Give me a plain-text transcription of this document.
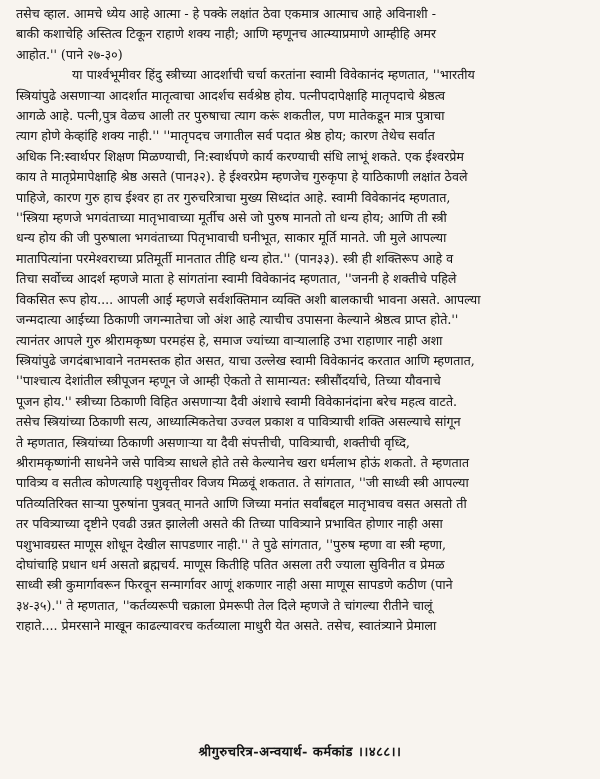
तसेच व्हाल. आमचे ध्येय आहे आत्मा - हे पक्के लक्षांत ठेवा एकमात्र आत्माच आहे अविनाशी -
बाकी कशाचेहि अस्तित्व टिकून राहाणे शक्य नाही; आणि म्हणूनच आत्म्याप्रमाणे आम्हीहि अमर
आहोत.'' (पाने २७-३०)
या पार्श्वभूमीवर हिंदु स्त्रीच्या आदर्शाची चर्चा करतांना स्वामी विवेकानंद म्हणतात, ''भारतीय
स्त्रियांपुढे असणाऱ्या आदर्शात मातृत्वाचा आदर्शच सर्वश्रेष्ठ होय. पत्नीपदापेक्षाहि मातृपदाचे श्रेष्ठत्व
आगळे आहे. पत्नी,पुत्र वेळच आली तर पुरुषाचा त्याग करूं शकतील, पण मातेकडून मात्र पुत्राचा
त्याग होणे केव्हांहि शक्य नाही.'' ''मातृपदच जगातील सर्व पदात श्रेष्ठ होय; कारण तेथेच सर्वात
अधिक नि:स्वार्थपर शिक्षण मिळण्याची, नि:स्वार्थपणे कार्य करण्याची संधि लाभूं शकते. एक ईश्वरप्रेम
काय ते मातृप्रेमापेक्षाहि श्रेष्ठ असते (पान३२). हे ईश्वरप्रेम म्हणजेच गुरुकृपा हे याठिकाणी लक्षांत ठेवले
पाहिजे, कारण गुरु हाच ईश्वर हा तर गुरुचरित्राचा मुख्य सिध्दांत आहे. स्वामी विवेकानंद म्हणतात,
''स्त्रिया म्हणजे भगवंताच्या मातृभावाच्या मूर्तीच असे जो पुरुष मानतो तो धन्य होय; आणि ती स्त्री
धन्य होय की जी पुरुषाला भगवंताच्या पितृभावाची घनीभूत, साकार मूर्ति मानते. जी मुले आपल्या
मातापित्यांना परमेश्वराच्या प्रतिमूर्ती मानतात तीहि धन्य होत.'' (पान३३). स्त्री ही शक्तिरूप आहे व
तिचा सर्वोच्च आदर्श म्हणजे माता हे सांगतांना स्वामी विवेकानंद म्हणतात, ''जननी हे शक्तीचे पहिले
विकसित रूप होय.... आपली आई म्हणजे सर्वशक्तिमान व्यक्ति अशी बालकाची भावना असते. आपल्या
जन्मदात्या आईच्या ठिकाणी जगन्मातेचा जो अंश आहे त्याचीच उपासना केल्याने श्रेष्ठत्व प्राप्त होते.''
त्यानंतर आपले गुरु श्रीरामकृष्ण परमहंस हे, समाज ज्यांच्या वाऱ्यालाहि उभा राहाणार नाही अशा
स्त्रियांपुढे जगदंबाभावाने नतमस्तक होत असत, याचा उल्लेख स्वामी विवेकानंद करतात आणि म्हणतात,
''पाश्चात्य देशांतील स्त्रीपूजन म्हणून जे आम्ही ऐकतो ते सामान्यत: स्त्रीसौंदर्याचे, तिच्या यौवनाचे
पूजन होय.'' स्त्रीच्या ठिकाणी विहित असणाऱ्या दैवी अंशाचे स्वामी विवेकानंदांना बरेच महत्व वाटते.
तसेच स्त्रियांच्या ठिकाणी सत्य, आध्यात्मिकतेचा उज्वल प्रकाश व पावित्र्याची शक्ति असल्याचे सांगून
ते म्हणतात, स्त्रियांच्या ठिकाणी असणाऱ्या या दैवी संपत्तीची, पावित्र्याची, शक्तीची वृध्दि,
श्रीरामकृष्णांनी साधनेने जसे पावित्र्य साधले होते तसे केल्यानेच खरा धर्मलाभ होऊं शकतो. ते म्हणतात
पावित्र्य व सतीत्व कोणत्याहि पशुवृत्तीवर विजय मिळवूं शकतात. ते सांगतात, ''जी साध्वी स्त्री आपल्या
पतिव्यतिरिक्त साऱ्या पुरुषांना पुत्रवत् मानते आणि जिच्या मनांत सर्वांबद्दल मातृभावच वसत असतो ती
तर पवित्र्याच्या दृष्टीने एवढी उन्नत झालेली असते की तिच्या पावित्र्याने प्रभावित होणार नाही असा
पशुभावग्रस्त माणूस शोधून देखील सापडणार नाही.'' ते पुढे सांगतात, ''पुरुष म्हणा वा स्त्री म्हणा,
दोघांचाहि प्रधान धर्म असतो ब्रह्मचर्य. माणूस कितीहि पतित असला तरी ज्याला सुविनीत व प्रेमळ
साध्वी स्त्री कुमार्गावरून फिरवून सन्मार्गावर आणूं शकणार नाही असा माणूस सापडणे कठीण (पाने
३४-३५).'' ते म्हणतात, ''कर्तव्यरूपी चक्राला प्रेमरूपी तेल दिले म्हणजे ते चांगल्या रीतीने चालूं
राहाते.... प्रेमरसाने माखून काढल्यावरच कर्तव्याला माधुरी येत असते. तसेच, स्वातंत्र्याने प्रेमाला
श्रीगुरुचरित्र-अन्वयार्थ- कर्मकांड ।।४८८।।
